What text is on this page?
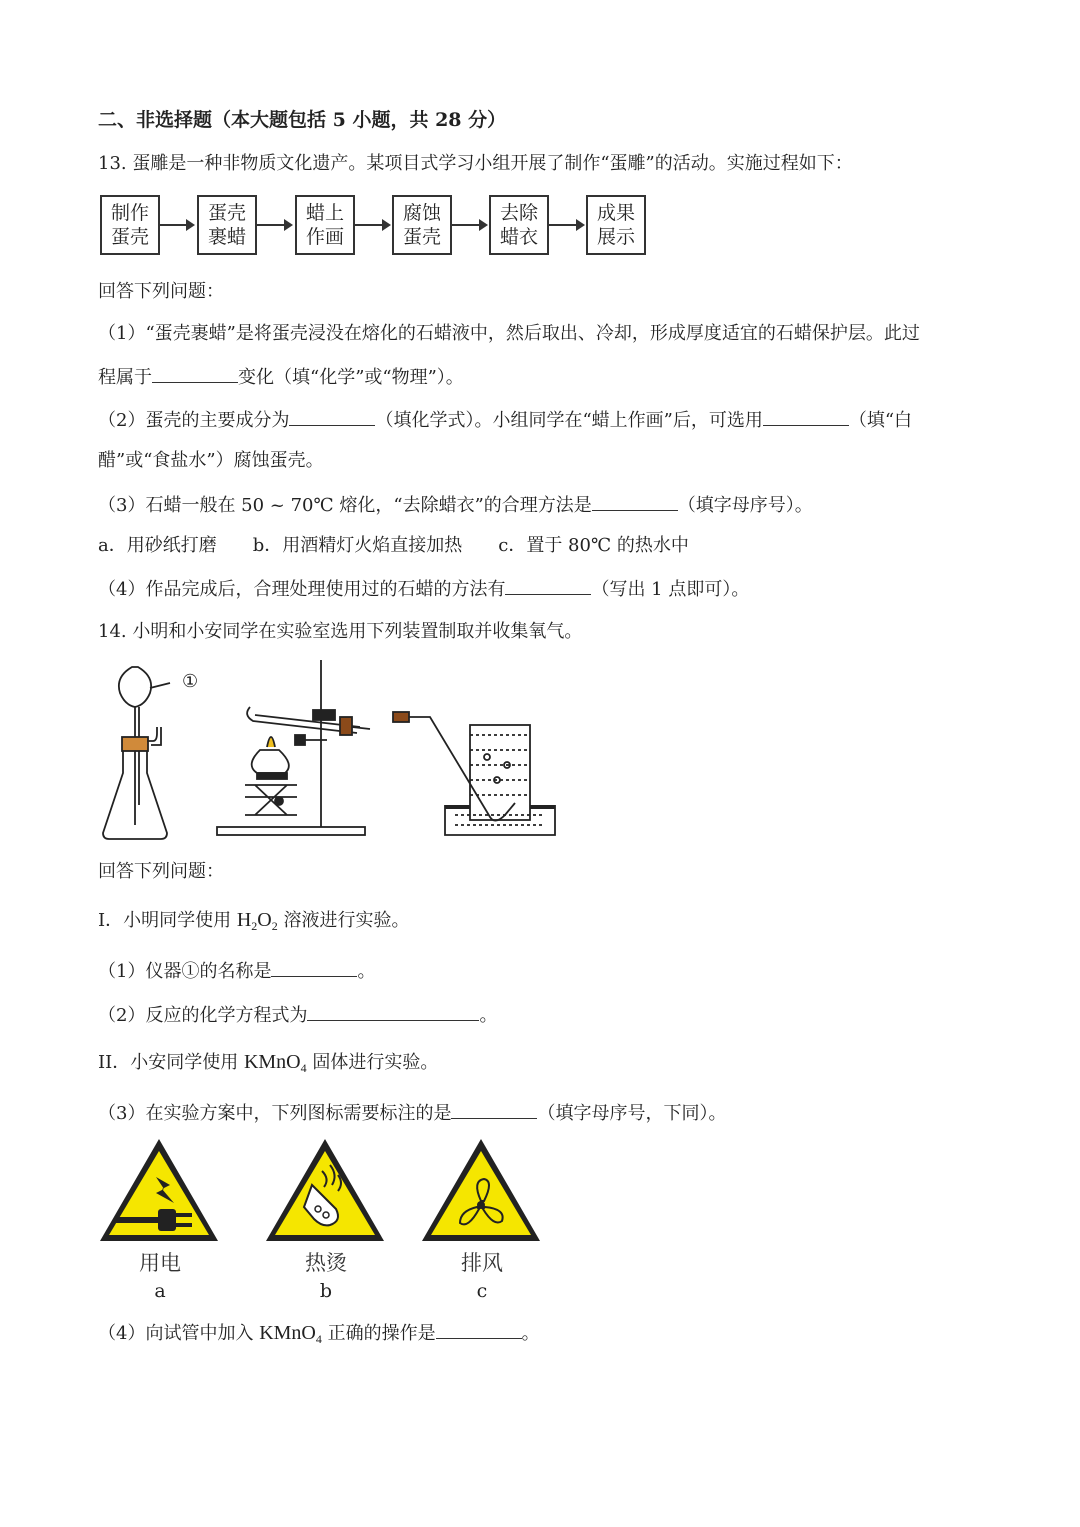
二、非选择题（本大题包括 5 小题，共 28 分）
13. 蛋雕是一种非物质文化遗产。某项目式学习小组开展了制作“蛋雕”的活动。实施过程如下：
制作
蛋壳
蛋壳
裹蜡
蜡上
作画
腐蚀
蛋壳
去除
蜡衣
成果
展示
回答下列问题：
（1）“蛋壳裹蜡”是将蛋壳浸没在熔化的石蜡液中，然后取出、冷却，形成厚度适宜的石蜡保护层。此过
程属于	变化（填“化学”或“物理”）。
（2）蛋壳的主要成分为	（填化学式）。小组同学在“蜡上作画”后，可选用	（填“白
醋”或“食盐水”）腐蚀蛋壳。
（3）石蜡一般在 50 ~ 70℃ 熔化，“去除蜡衣”的合理方法是	（填字母序号）。
a．用砂纸打磨　　b．用酒精灯火焰直接加热　　c．置于 80℃ 的热水中
（4）作品完成后，合理处理使用过的石蜡的方法有	（写出 1 点即可）。
14. 小明和小安同学在实验室选用下列装置制取并收集氧气。
①
回答下列问题：
I．小明同学使用 $H_2O_2$ 溶液进行实验。
（1）仪器①的名称是	。
（2）反应的化学方程式为	。
II．小安同学使用 KMnO$_4$ 固体进行实验。
（3）在实验方案中，下列图标需要标注的是	（填字母序号，下同）。
用电	热烫	排风
a	b	c
（4）向试管中加入 KMnO$_4$ 正确的操作是	。
